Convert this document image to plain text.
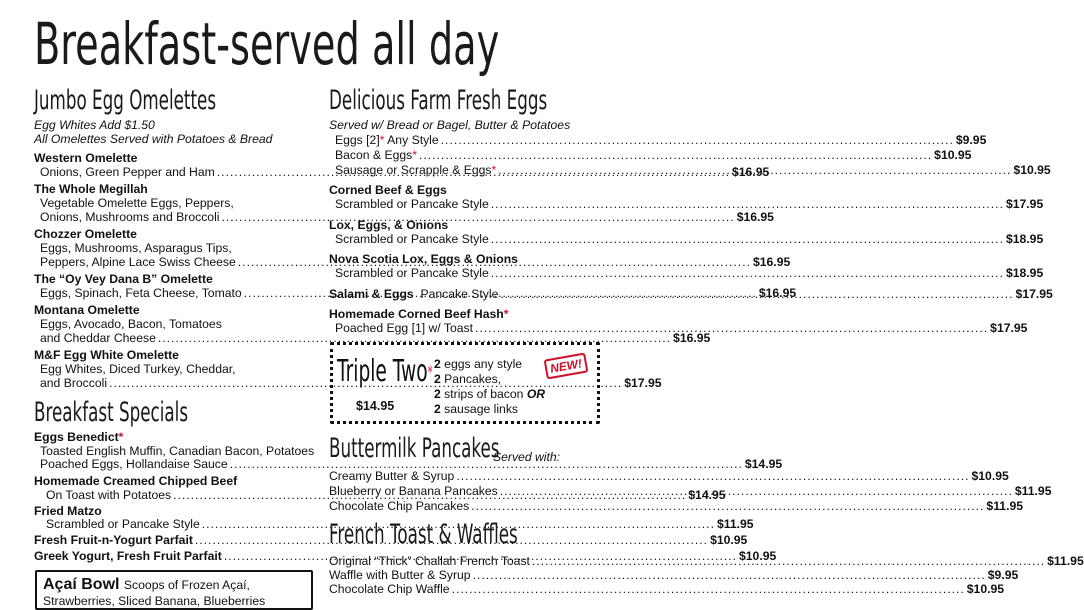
Breakfast-served all day
Jumbo Egg Omelettes
Egg Whites Add $1.50
All Omelettes Served with Potatoes & Bread
Western Omelette
Onions, Green Pepper and Ham .....	$16.95
The Whole Megillah
Vegetable Omelette Eggs, Peppers,
Onions, Mushrooms and Broccoli .....	$16.95
Chozzer Omelette
Eggs, Mushrooms, Asparagus Tips,
Peppers, Alpine Lace Swiss Cheese .....	$16.95
The “Oy Vey Dana B” Omelette
Eggs, Spinach, Feta Cheese, Tomato .....	$16.95
Montana Omelette
Eggs, Avocado, Bacon, Tomatoes
and Cheddar Cheese .....	$16.95
M&F Egg White Omelette
Egg Whites, Diced Turkey, Cheddar,
and Broccoli .....	$17.95
Breakfast Specials
Eggs Benedict*
Toasted English Muffin, Canadian Bacon, Potatoes
Poached Eggs, Hollandaise Sauce .....	$14.95
Homemade Creamed Chipped Beef
On Toast with Potatoes .....	$14.95
Fried Matzo
Scrambled or Pancake Style .....	$11.95
Fresh Fruit-n-Yogurt Parfait .....	$10.95
Greek Yogurt, Fresh Fruit Parfait .....	$10.95
Açaí Bowl Scoops of Frozen Açaí,
Strawberries, Sliced Banana, Blueberries
Delicious Farm Fresh Eggs
Served w/ Bread or Bagel, Butter & Potatoes
Eggs [2]* Any Style .....	$9.95
Bacon & Eggs* .....	$10.95
Sausage or Scrapple & Eggs* .....	$10.95
Corned Beef & Eggs
Scrambled or Pancake Style .....	$17.95
Lox, Eggs, & Onions
Scrambled or Pancake Style .....	$18.95
Nova Scotia Lox, Eggs & Onions
Scrambled or Pancake Style .....	$18.95
Salami & Eggs Pancake Style .....	$17.95
Homemade Corned Beef Hash*
Poached Egg [1] w/ Toast .....	$17.95
Triple Two*
$14.95
2 eggs any style
2 Pancakes,
2 strips of bacon OR
2 sausage links
NEW!
Buttermilk Pancakes
Served with:
Creamy Butter & Syrup .....	$10.95
Blueberry or Banana Pancakes .....	$11.95
Chocolate Chip Pancakes .....	$11.95
French Toast & Waffles
Original “Thick” Challah French Toast .....	$11.95
Waffle with Butter & Syrup .....	$9.95
Chocolate Chip Waffle .....	$10.95
